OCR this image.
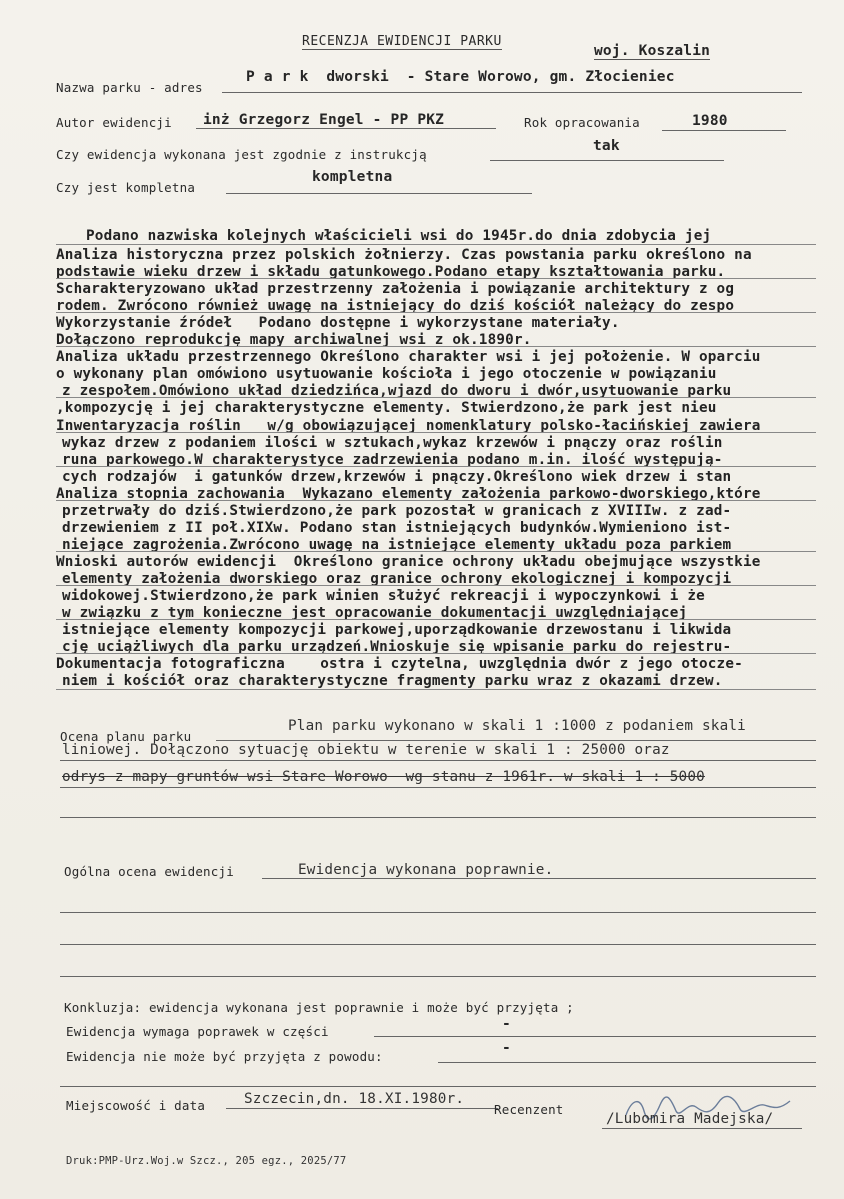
RECENZJA EWIDENCJI PARKU
woj. Koszalin
Nazwa parku - adres
P a r k  dworski  - Stare Worowo, gm. Złocieniec
Autor ewidencji inż Grzegorz Engel - PP PKZ	Rok opracowania	1980
Czy ewidencja wykonana jest zgodnie z instrukcją
tak
Czy jest kompletna
kompletna
Podano nazwiska kolejnych właścicieli wsi do 1945r.do dnia zdobycia jej
Analiza historyczna przez polskich żołnierzy. Czas powstania parku określono na
podstawie wieku drzew i składu gatunkowego.Podano etapy kształtowania parku.
Scharakteryzowano układ przestrzenny założenia i powiązanie architektury z og
rodem. Zwrócono również uwagę na istniejący do dziś kościół należący do zespo
Wykorzystanie źródeł   Podano dostępne i wykorzystane materiały.
Dołączono reprodukcję mapy archiwalnej wsi z ok.1890r.
Analiza układu przestrzennego Określono charakter wsi i jej położenie. W oparciu
o wykonany plan omówiono usytuowanie kościoła i jego otoczenie w powiązaniu
z zespołem.Omówiono układ dziedzińca,wjazd do dworu i dwór,usytuowanie parku
,kompozycję i jej charakterystyczne elementy. Stwierdzono,że park jest nieu
Inwentaryzacja roślin   w/g obowiązującej nomenklatury polsko-łacińskiej zawiera
wykaz drzew z podaniem ilości w sztukach,wykaz krzewów i pnączy oraz roślin
runa parkowego.W charakterystyce zadrzewienia podano m.in. ilość występują-
cych rodzajów  i gatunków drzew,krzewów i pnączy.Określono wiek drzew i stan
Analiza stopnia zachowania  Wykazano elementy założenia parkowo-dworskiego,które
przetrwały do dziś.Stwierdzono,że park pozostał w granicach z XVIIIw. z zad-
drzewieniem z II poł.XIXw. Podano stan istniejących budynków.Wymieniono ist-
niejące zagrożenia.Zwrócono uwagę na istniejące elementy układu poza parkiem
Wnioski autorów ewidencji  Określono granice ochrony układu obejmujące wszystkie
elementy założenia dworskiego oraz granice ochrony ekologicznej i kompozycji
widokowej.Stwierdzono,że park winien służyć rekreacji i wypoczynkowi i że
w związku z tym konieczne jest opracowanie dokumentacji uwzględniającej
istniejące elementy kompozycji parkowej,uporządkowanie drzewostanu i likwida
cję uciążliwych dla parku urządzeń.Wnioskuje się wpisanie parku do rejestru-
Dokumentacja fotograficzna    ostra i czytelna, uwzględnia dwór z jego otocze-
niem i kościół oraz charakterystyczne fragmenty parku wraz z okazami drzew.
Ocena planu parku
Plan parku wykonano w skali 1 :1000 z podaniem skali
liniowej. Dołączono sytuację obiektu w terenie w skali 1 : 25000 oraz
odrys z mapy gruntów wsi Stare Worowo  wg stanu z 1961r. w skali 1 : 5000
Ogólna ocena ewidencji	Ewidencja wykonana poprawnie.
Konkluzja: ewidencja wykonana jest poprawnie i może być przyjęta ;
Ewidencja wymaga poprawek w części	-
Ewidencja nie może być przyjęta z powodu:
-
Miejscowość i data	Szczecin,dn. 18.XI.1980r.
Recenzent
/Lubomira Madejska/
Druk:PMP-Urz.Woj.w Szcz., 205 egz., 2025/77
